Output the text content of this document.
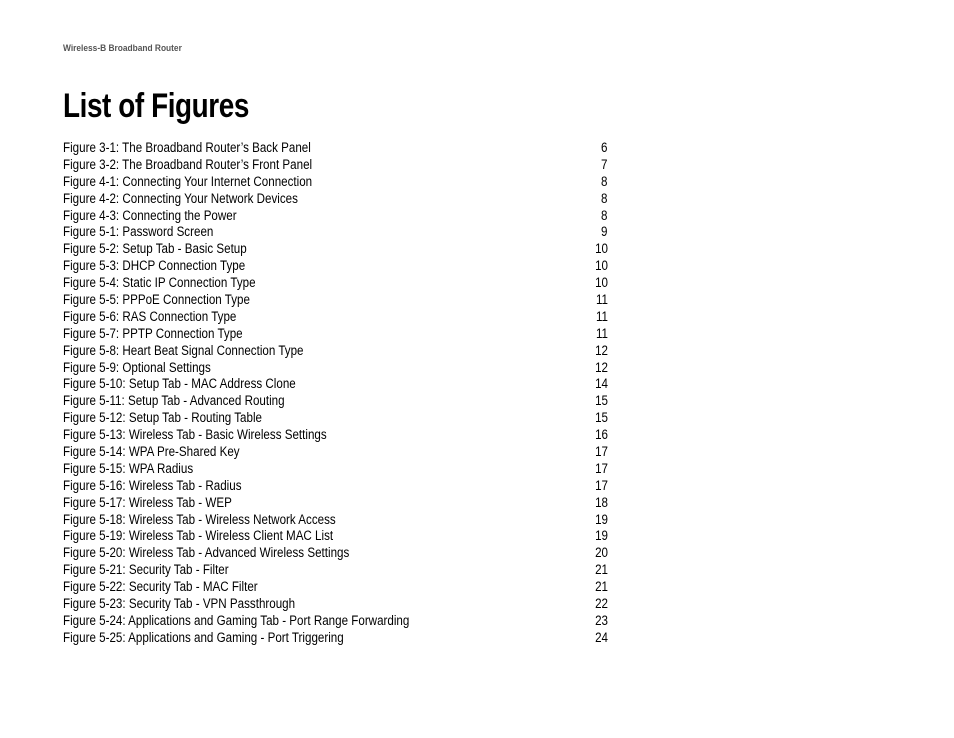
Wireless-B Broadband Router
List of Figures
Figure 3-1: The Broadband Router’s Back Panel	6
Figure 3-2: The Broadband Router’s Front Panel	7
Figure 4-1: Connecting Your Internet Connection	8
Figure 4-2: Connecting Your Network Devices	8
Figure 4-3: Connecting the Power	8
Figure 5-1: Password Screen	9
Figure 5-2: Setup Tab - Basic Setup	10
Figure 5-3: DHCP Connection Type	10
Figure 5-4: Static IP Connection Type	10
Figure 5-5: PPPoE Connection Type	11
Figure 5-6: RAS Connection Type	11
Figure 5-7: PPTP Connection Type	11
Figure 5-8: Heart Beat Signal Connection Type	12
Figure 5-9: Optional Settings	12
Figure 5-10: Setup Tab - MAC Address Clone	14
Figure 5-11: Setup Tab - Advanced Routing	15
Figure 5-12: Setup Tab - Routing Table	15
Figure 5-13: Wireless Tab - Basic Wireless Settings	16
Figure 5-14: WPA Pre-Shared Key	17
Figure 5-15: WPA Radius	17
Figure 5-16: Wireless Tab - Radius	17
Figure 5-17: Wireless Tab - WEP	18
Figure 5-18: Wireless Tab - Wireless Network Access	19
Figure 5-19: Wireless Tab - Wireless Client MAC List	19
Figure 5-20: Wireless Tab - Advanced Wireless Settings	20
Figure 5-21: Security Tab - Filter	21
Figure 5-22: Security Tab - MAC Filter	21
Figure 5-23: Security Tab - VPN Passthrough	22
Figure 5-24: Applications and Gaming Tab - Port Range Forwarding	23
Figure 5-25: Applications and Gaming - Port Triggering	24
